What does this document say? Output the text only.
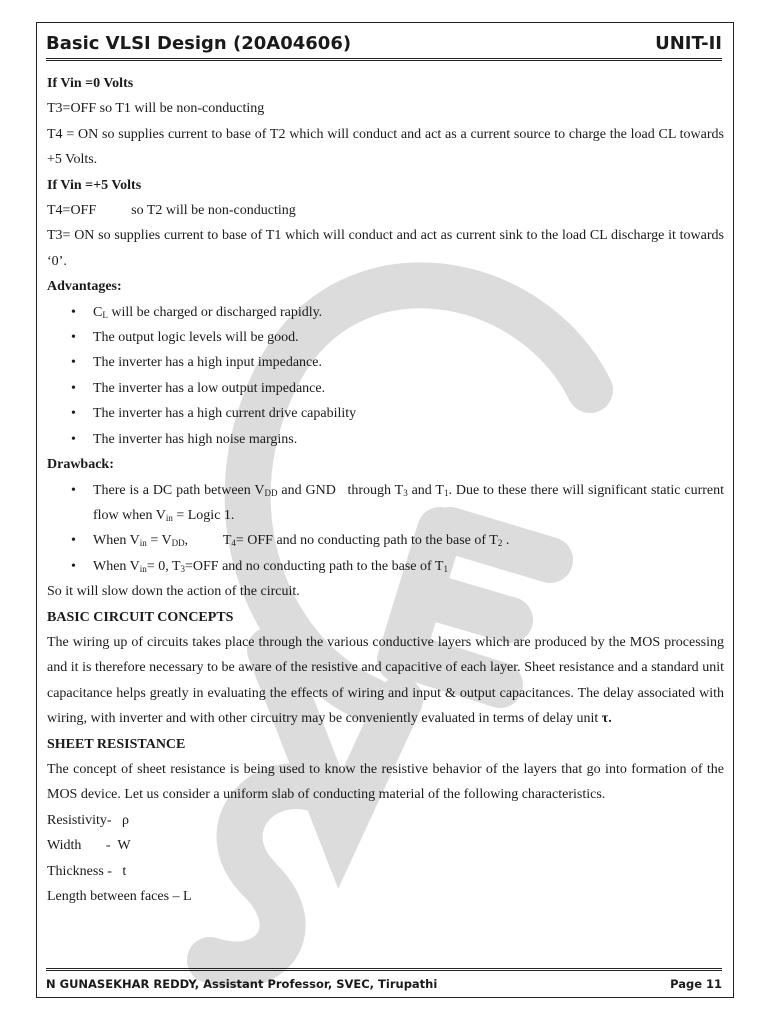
Basic VLSI Design (20A04606)	UNIT-II

If Vin =0 Volts

T3=OFF so T1 will be non-conducting

T4 = ON so supplies current to base of T2 which will conduct and act as a current source to charge the load CL towards +5 Volts.

If Vin =+5 Volts

T4=OFF          so T2 will be non-conducting

T3= ON so supplies current to base of T1 which will conduct and act as current sink to the load CL discharge it towards ‘0’.

Advantages:

• $C_L$ will be charged or discharged rapidly.
• The output logic levels will be good.
• The inverter has a high input impedance.
• The inverter has a low output impedance.
• The inverter has a high current drive capability
• The inverter has high noise margins.

Drawback:

• There is a DC path between $V_{DD}$ and GND   through $T_3$ and $T_1$. Due to these there will significant static current flow when $V_{in}$ = Logic 1.
• When $V_{in} = V_{DD}$,          $T_4=$ OFF and no conducting path to the base of $T_2$ .
• When $V_{in}= 0$, $T_3=OFF$ and no conducting path to the base of $T_1$

So it will slow down the action of the circuit.

BASIC CIRCUIT CONCEPTS

The wiring up of circuits takes place through the various conductive layers which are produced by the MOS processing and it is therefore necessary to be aware of the resistive and capacitive of each layer. Sheet resistance and a standard unit capacitance helps greatly in evaluating the effects of wiring and input & output capacitances. The delay associated with wiring, with inverter and with other circuitry may be conveniently evaluated in terms of delay unit τ.

SHEET RESISTANCE

The concept of sheet resistance is being used to know the resistive behavior of the layers that go into formation of the MOS device. Let us consider a uniform slab of conducting material of the following characteristics.

Resistivity-   ρ

Width       -  W

Thickness -   t

Length between faces – L

N GUNASEKHAR REDDY, Assistant Professor, SVEC, Tirupathi	Page 11
